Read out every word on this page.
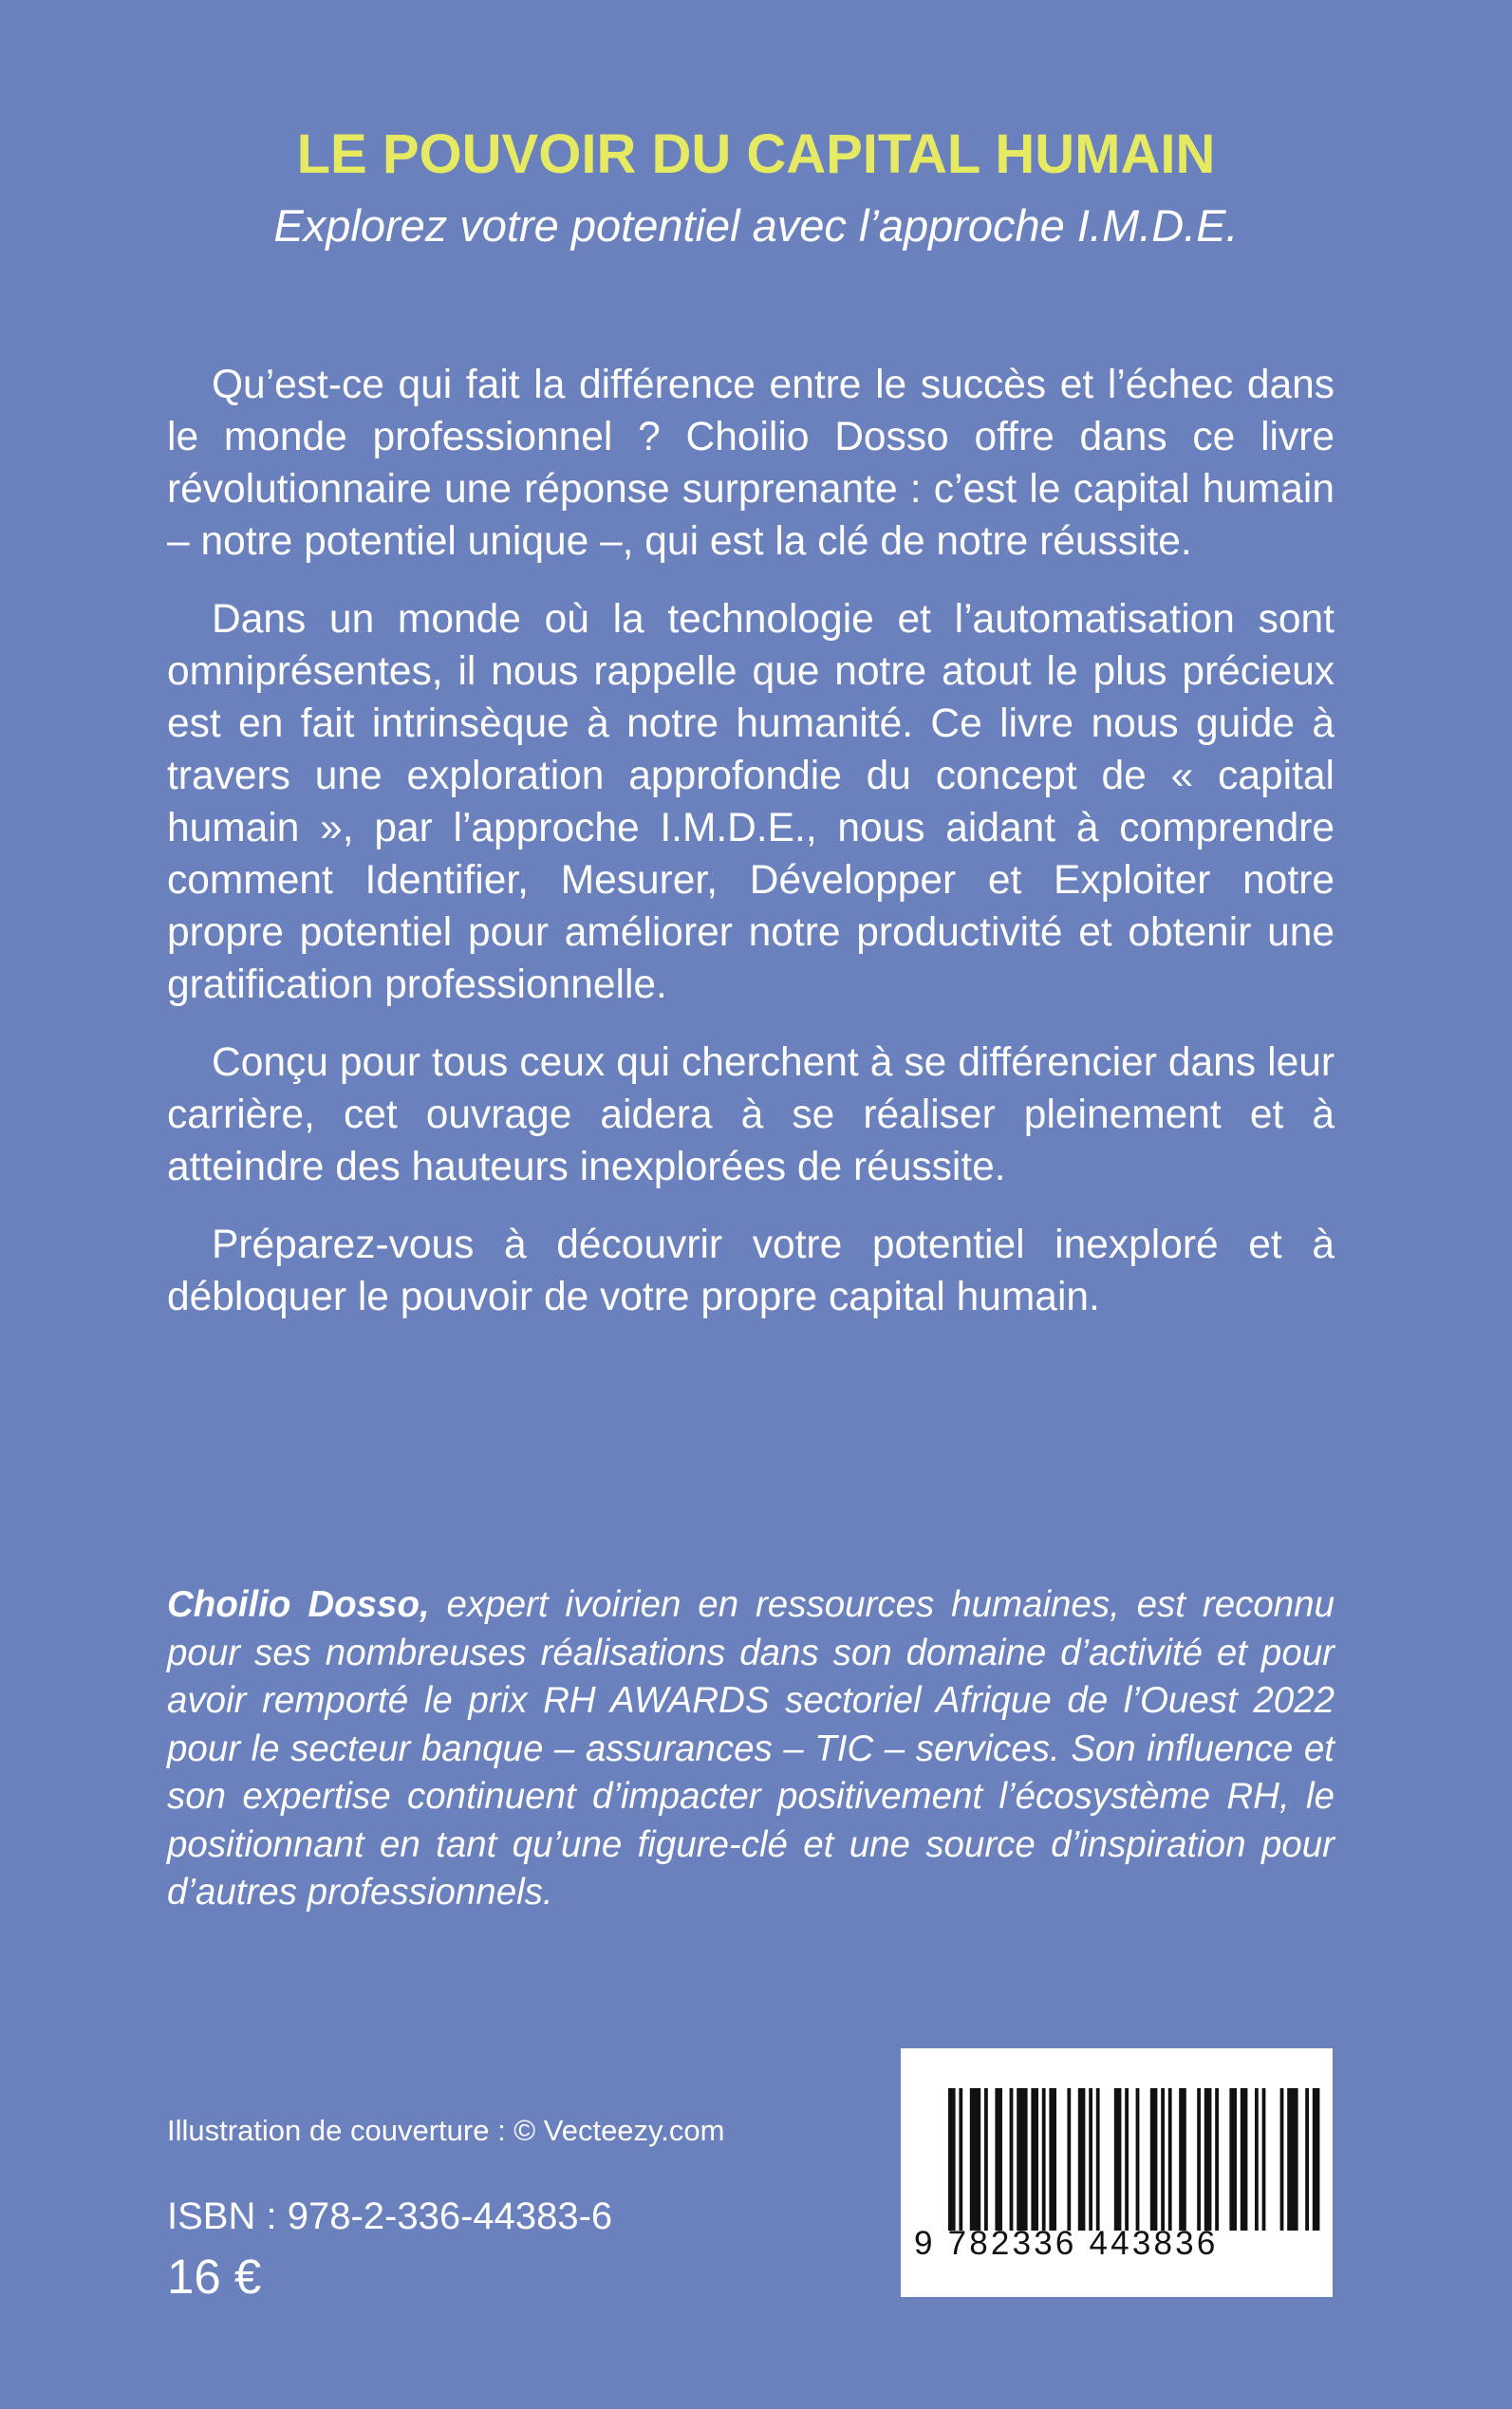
LE POUVOIR DU CAPITAL HUMAIN

Explorez votre potentiel avec l’approche I.M.D.E.

Qu’est-ce qui fait la différence entre le succès et l’échec dans le monde professionnel ? Choilio Dosso offre dans ce livre révolutionnaire une réponse surprenante : c’est le capital humain – notre potentiel unique –, qui est la clé de notre réussite.

Dans un monde où la technologie et l’automatisation sont omniprésentes, il nous rappelle que notre atout le plus précieux est en fait intrinsèque à notre humanité. Ce livre nous guide à travers une exploration approfondie du concept de « capital humain », par l’approche I.M.D.E., nous aidant à comprendre comment Identifier, Mesurer, Développer et Exploiter notre propre potentiel pour améliorer notre productivité et obtenir une gratification professionnelle.

Conçu pour tous ceux qui cherchent à se différencier dans leur carrière, cet ouvrage aidera à se réaliser pleinement et à atteindre des hauteurs inexplorées de réussite.

Préparez-vous à découvrir votre potentiel inexploré et à débloquer le pouvoir de votre propre capital humain.

Choilio Dosso, expert ivoirien en ressources humaines, est reconnu pour ses nombreuses réalisations dans son domaine d’activité et pour avoir remporté le prix RH AWARDS sectoriel Afrique de l’Ouest 2022 pour le secteur banque – assurances – TIC – services. Son influence et son expertise continuent d’impacter positivement l’écosystème RH, le positionnant en tant qu’une figure-clé et une source d’inspiration pour d’autres professionnels.

Illustration de couverture : © Vecteezy.com

ISBN : 978-2-336-44383-6

16 €

9 782336 443836
